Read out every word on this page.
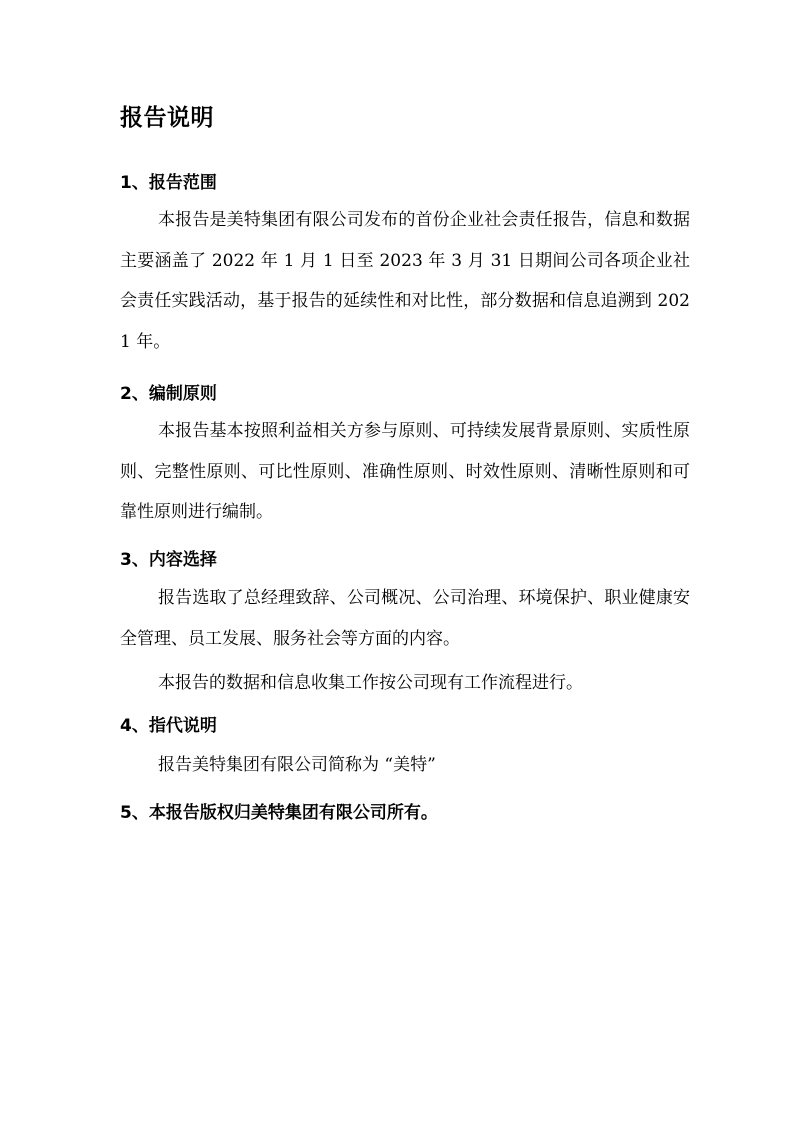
报告说明
1、报告范围

本报告是美特集团有限公司发布的首份企业社会责任报告，信息和数据主要涵盖了 2022 年 1 月 1 日至 2023 年 3 月 31 日期间公司各项企业社会责任实践活动，基于报告的延续性和对比性，部分数据和信息追溯到 2021 年。

2、编制原则

本报告基本按照利益相关方参与原则、可持续发展背景原则、实质性原则、完整性原则、可比性原则、准确性原则、时效性原则、清晰性原则和可靠性原则进行编制。

3、内容选择

报告选取了总经理致辞、公司概况、公司治理、环境保护、职业健康安全管理、员工发展、服务社会等方面的内容。

本报告的数据和信息收集工作按公司现有工作流程进行。

4、指代说明

报告美特集团有限公司简称为 “美特”

5、本报告版权归美特集团有限公司所有。
